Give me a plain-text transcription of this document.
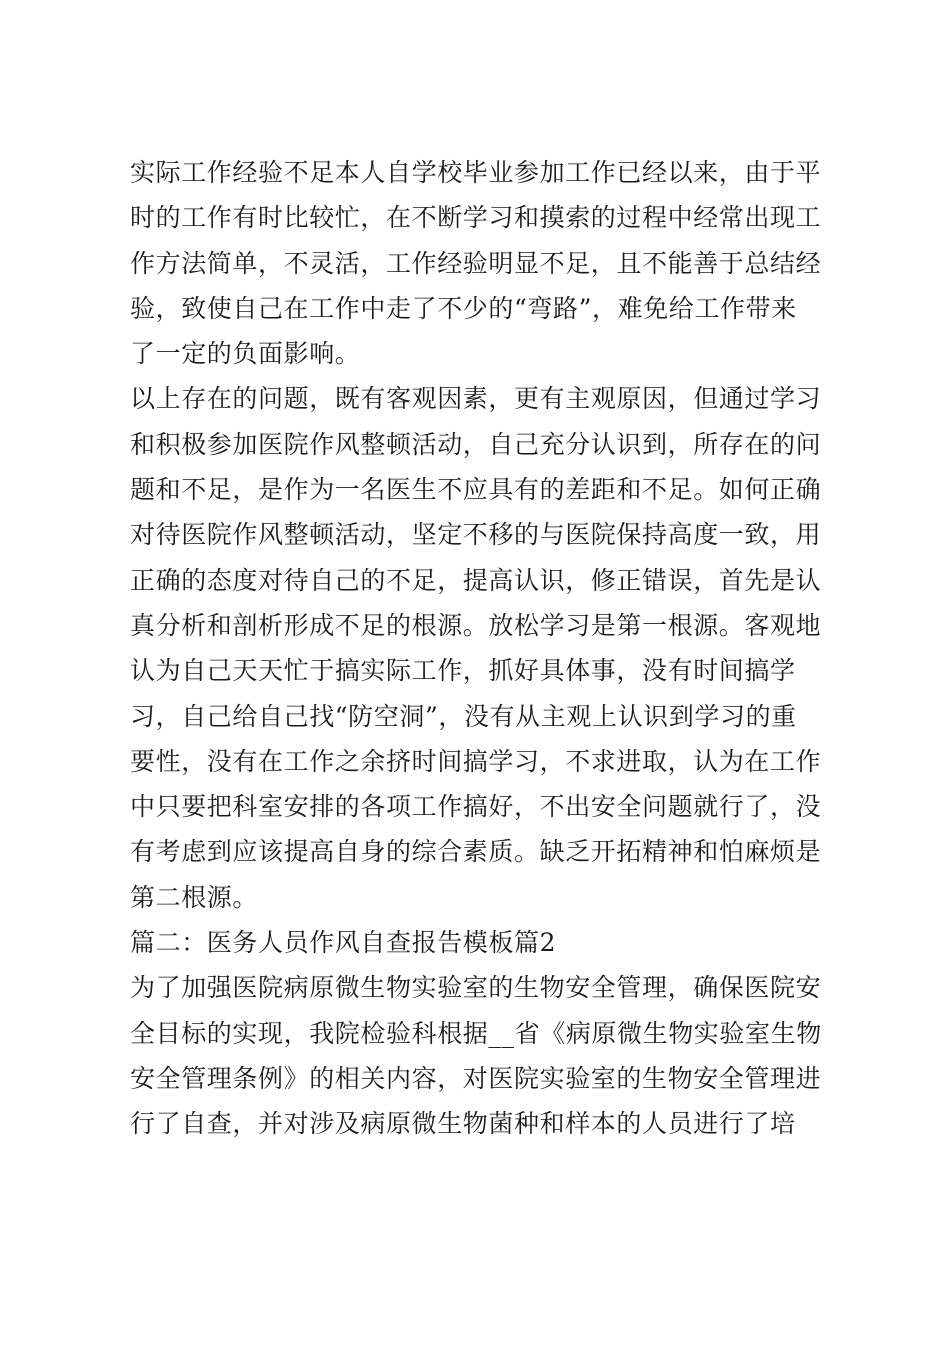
实际工作经验不足本人自学校毕业参加工作已经以来，由于平
时的工作有时比较忙，在不断学习和摸索的过程中经常出现工
作方法简单，不灵活，工作经验明显不足，且不能善于总结经
验，致使自己在工作中走了不少的“弯路”，难免给工作带来
了一定的负面影响。
以上存在的问题，既有客观因素，更有主观原因，但通过学习
和积极参加医院作风整顿活动，自己充分认识到，所存在的问
题和不足，是作为一名医生不应具有的差距和不足。如何正确
对待医院作风整顿活动，坚定不移的与医院保持高度一致，用
正确的态度对待自己的不足，提高认识，修正错误，首先是认
真分析和剖析形成不足的根源。放松学习是第一根源。客观地
认为自己天天忙于搞实际工作，抓好具体事，没有时间搞学
习，自己给自己找“防空洞”，没有从主观上认识到学习的重
要性，没有在工作之余挤时间搞学习，不求进取，认为在工作
中只要把科室安排的各项工作搞好，不出安全问题就行了，没
有考虑到应该提高自身的综合素质。缺乏开拓精神和怕麻烦是
第二根源。
篇二：医务人员作风自查报告模板篇2
为了加强医院病原微生物实验室的生物安全管理，确保医院安
全目标的实现，我院检验科根据__省《病原微生物实验室生物
安全管理条例》的相关内容，对医院实验室的生物安全管理进
行了自查，并对涉及病原微生物菌种和样本的人员进行了培
